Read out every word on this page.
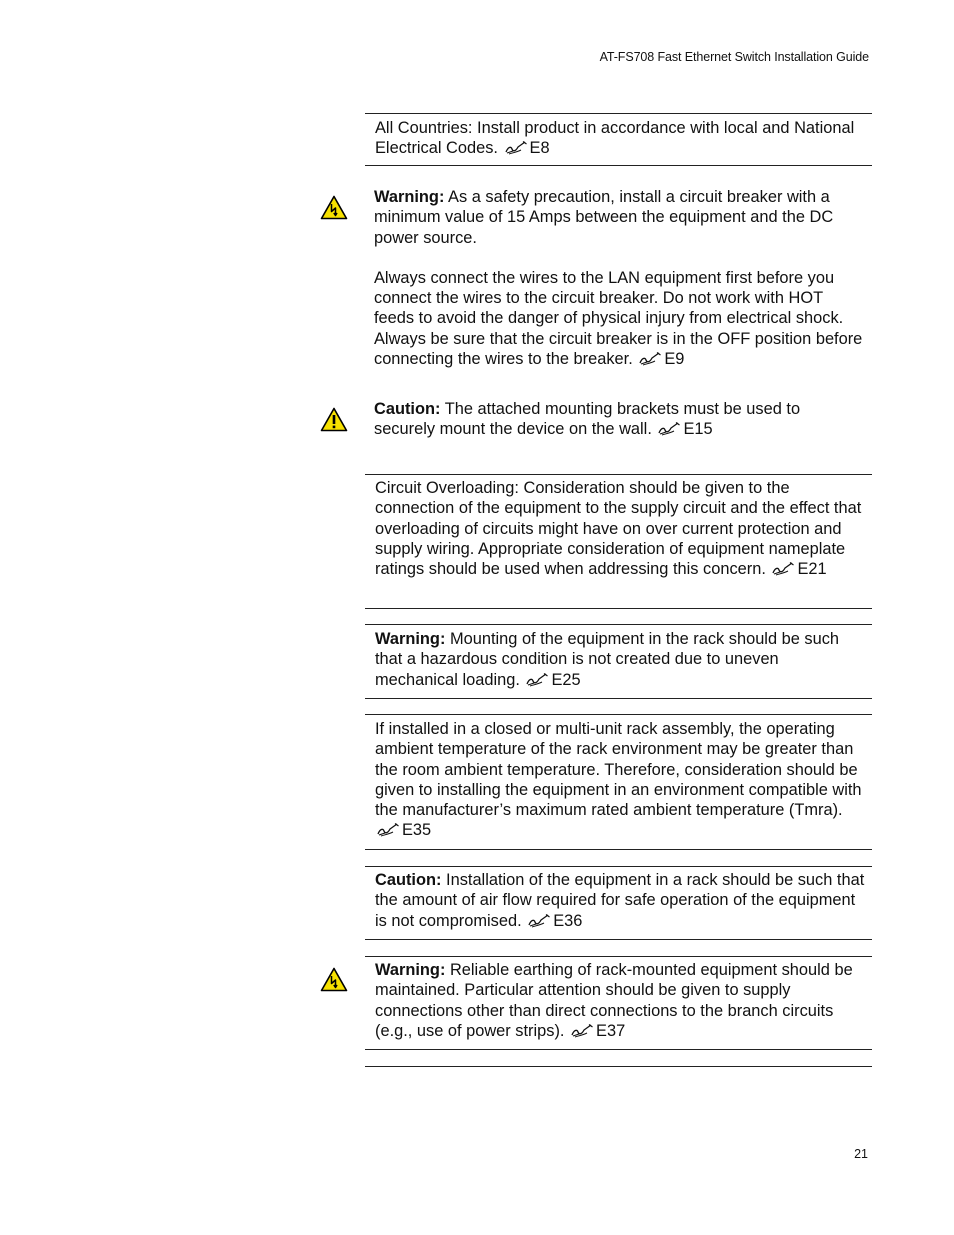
AT-FS708 Fast Ethernet Switch Installation Guide
All Countries: Install product in accordance with local and National Electrical Codes. E8
Warning: As a safety precaution, install a circuit breaker with a minimum value of 15 Amps between the equipment and the DC power source.
Always connect the wires to the LAN equipment first before you connect the wires to the circuit breaker. Do not work with HOT feeds to avoid the danger of physical injury from electrical shock. Always be sure that the circuit breaker is in the OFF position before connecting the wires to the breaker. E9
Caution: The attached mounting brackets must be used to securely mount the device on the wall. E15
Circuit Overloading: Consideration should be given to the connection of the equipment to the supply circuit and the effect that overloading of circuits might have on over current protection and supply wiring. Appropriate consideration of equipment nameplate ratings should be used when addressing this concern. E21
Warning: Mounting of the equipment in the rack should be such that a hazardous condition is not created due to uneven mechanical loading. E25
If installed in a closed or multi-unit rack assembly, the operating ambient temperature of the rack environment may be greater than the room ambient temperature. Therefore, consideration should be given to installing the equipment in an environment compatible with the manufacturer’s maximum rated ambient temperature (Tmra). E35
Caution: Installation of the equipment in a rack should be such that the amount of air flow required for safe operation of the equipment is not compromised. E36
Warning: Reliable earthing of rack-mounted equipment should be maintained. Particular attention should be given to supply connections other than direct connections to the branch circuits (e.g., use of power strips). E37
21
